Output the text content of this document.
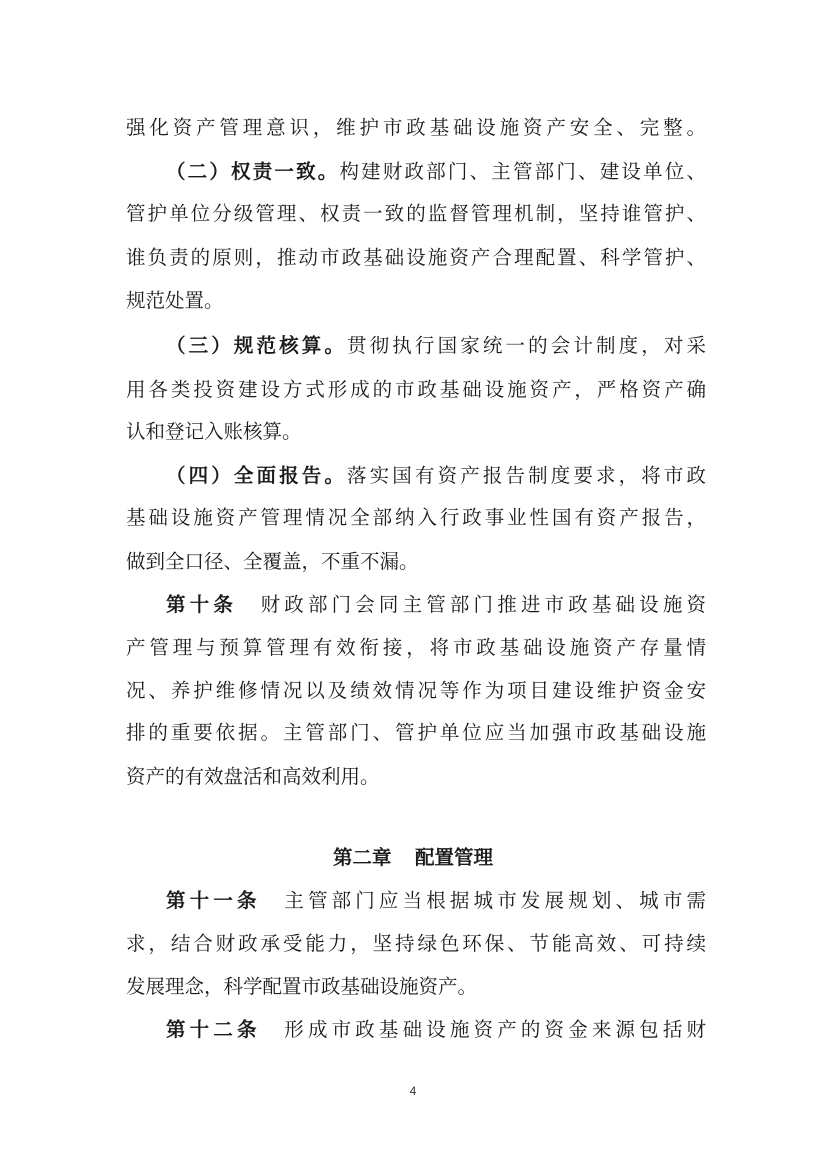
强化资产管理意识，维护市政基础设施资产安全、完整。
（二）权责一致。构建财政部门、主管部门、建设单位、
管护单位分级管理、权责一致的监督管理机制，坚持谁管护、
谁负责的原则，推动市政基础设施资产合理配置、科学管护、
规范处置。
（三）规范核算。贯彻执行国家统一的会计制度，对采
用各类投资建设方式形成的市政基础设施资产，严格资产确
认和登记入账核算。
（四）全面报告。落实国有资产报告制度要求，将市政
基础设施资产管理情况全部纳入行政事业性国有资产报告，
做到全口径、全覆盖，不重不漏。
第十条 财政部门会同主管部门推进市政基础设施资
产管理与预算管理有效衔接，将市政基础设施资产存量情
况、养护维修情况以及绩效情况等作为项目建设维护资金安
排的重要依据。主管部门、管护单位应当加强市政基础设施
资产的有效盘活和高效利用。
第二章 配置管理
第十一条 主管部门应当根据城市发展规划、城市需
求，结合财政承受能力，坚持绿色环保、节能高效、可持续
发展理念，科学配置市政基础设施资产。
第十二条 形成市政基础设施资产的资金来源包括财
4
